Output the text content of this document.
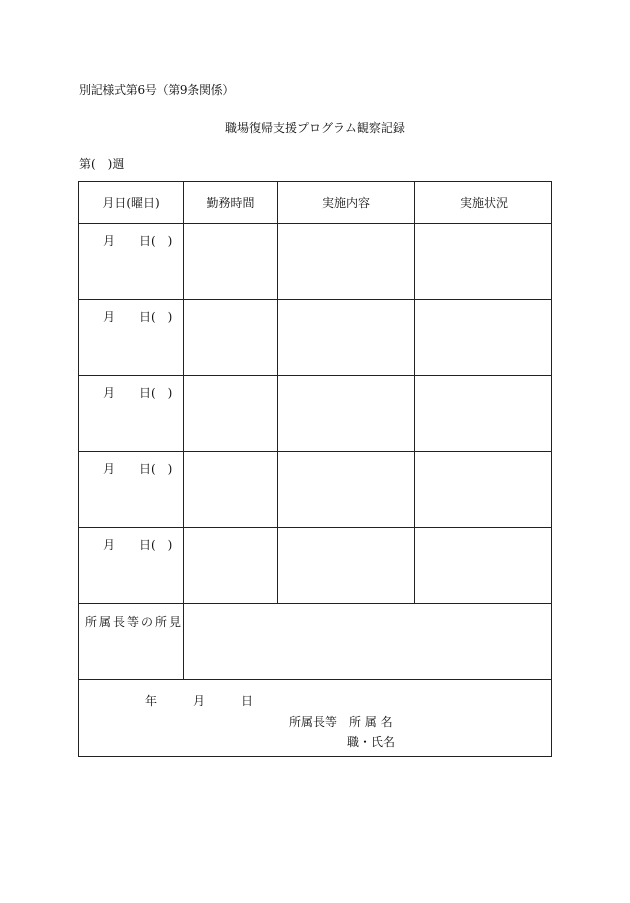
別記様式第6号（第9条関係）
職場復帰支援プログラム観察記録
第(　)週
月日(曜日)	勤務時間	実施内容	実施状況
月　　日(　)
月　　日(　)
月　　日(　)
月　　日(　)
月　　日(　)
所属長等の所見
年　　　月　　　日
所属長等　所 属 名
職・氏名
